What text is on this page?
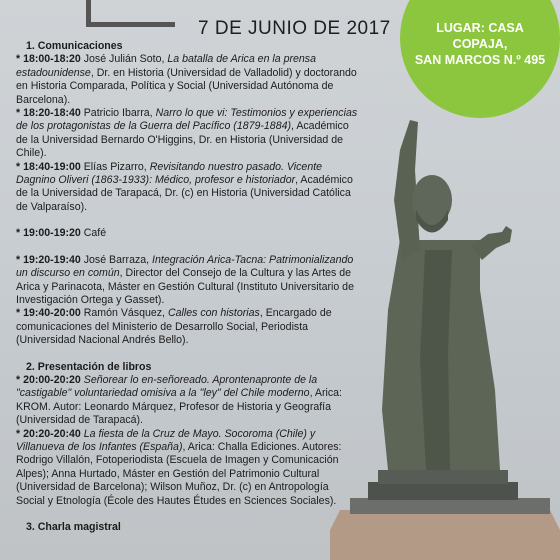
7 DE JUNIO DE 2017	LUGAR: CASA
COPAJA,
SAN MARCOS N.º 495

1. Comunicaciones

* 18:00-18:20 José Julián Soto, La batalla de Arica en la prensa estadounidense, Dr. en Historia (Universidad de Valladolid) y doctorando en Historia Comparada, Política y Social (Universidad Autónoma de Barcelona).

* 18:20-18:40 Patricio Ibarra, Narro lo que vi: Testimonios y experiencias de los protagonistas de la Guerra del Pacífico (1879-1884), Académico de la Universidad Bernardo O'Higgins, Dr. en Historia (Universidad de Chile).

* 18:40-19:00 Elías Pizarro, Revisitando nuestro pasado. Vicente Dagnino Oliveri (1863-1933): Médico, profesor e historiador, Académico de la Universidad de Tarapacá, Dr. (c) en Historia (Universidad Católica de Valparaíso).

* 19:00-19:20 Café

* 19:20-19:40 José Barraza, Integración Arica-Tacna: Patrimonializando un discurso en común, Director del Consejo de la Cultura y las Artes de Arica y Parinacota, Máster en Gestión Cultural (Instituto Universitario de Investigación Ortega y Gasset).

* 19:40-20:00 Ramón Vásquez, Calles con historias, Encargado de comunicaciones del Ministerio de Desarrollo Social, Periodista (Universidad Nacional Andrés Bello).

2. Presentación de libros

* 20:00-20:20 Señorear lo en-señoreado. Aprontenapronte de la "castigable" voluntariedad omisiva a la "ley" del Chile moderno, Arica: KROM. Autor: Leonardo Márquez, Profesor de Historia y Geografía (Universidad de Tarapacá).

* 20:20-20:40 La fiesta de la Cruz de Mayo. Socoroma (Chile) y Villanueva de los Infantes (España), Arica: Challa Ediciones. Autores: Rodrigo Villalón, Fotoperiodista (Escuela de Imagen y Comunicación Alpes); Anna Hurtado, Máster en Gestión del Patrimonio Cultural (Universidad de Barcelona); Wilson Muñoz, Dr. (c) en Antropología Social y Etnología (École des Hautes Études en Sciences Sociales).

3. Charla magistral
